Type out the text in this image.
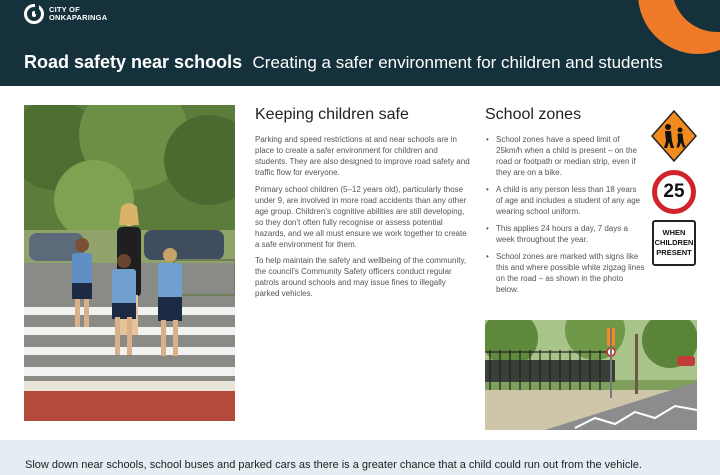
CITY OF
ONKAPARINGA
Road safety near schools Creating a safer environment for children and students
Keeping children safe

Parking and speed restrictions at and near schools are in place to create a safer environment for children and students. They are also designed to improve road safety and traffic flow for everyone.

Primary school children (5–12 years old), particularly those under 9, are involved in more road accidents than any other age group. Children’s cognitive abilities are still developing, so they don’t often fully recognise or assess potential hazards, and we all must ensure we work together to create a safe environment for them.

To help maintain the safety and wellbeing of the community, the council’s Community Safety officers conduct regular patrols around schools and may issue fines to illegally parked vehicles.

School zones
• School zones have a speed limit of 25km/h when a child is present – on the road or footpath or median strip, even if they are on a bike.
• A child is any person less than 18 years of age and includes a student of any age wearing school uniform.
• This applies 24 hours a day, 7 days a week throughout the year.
• School zones are marked with signs like this and where possible white zigzag lines on the road – as shown in the photo below.
25
WHEN
CHILDREN
PRESENT
Slow down near schools, school buses and parked cars as there is a greater chance that a child could run out from the vehicle.
